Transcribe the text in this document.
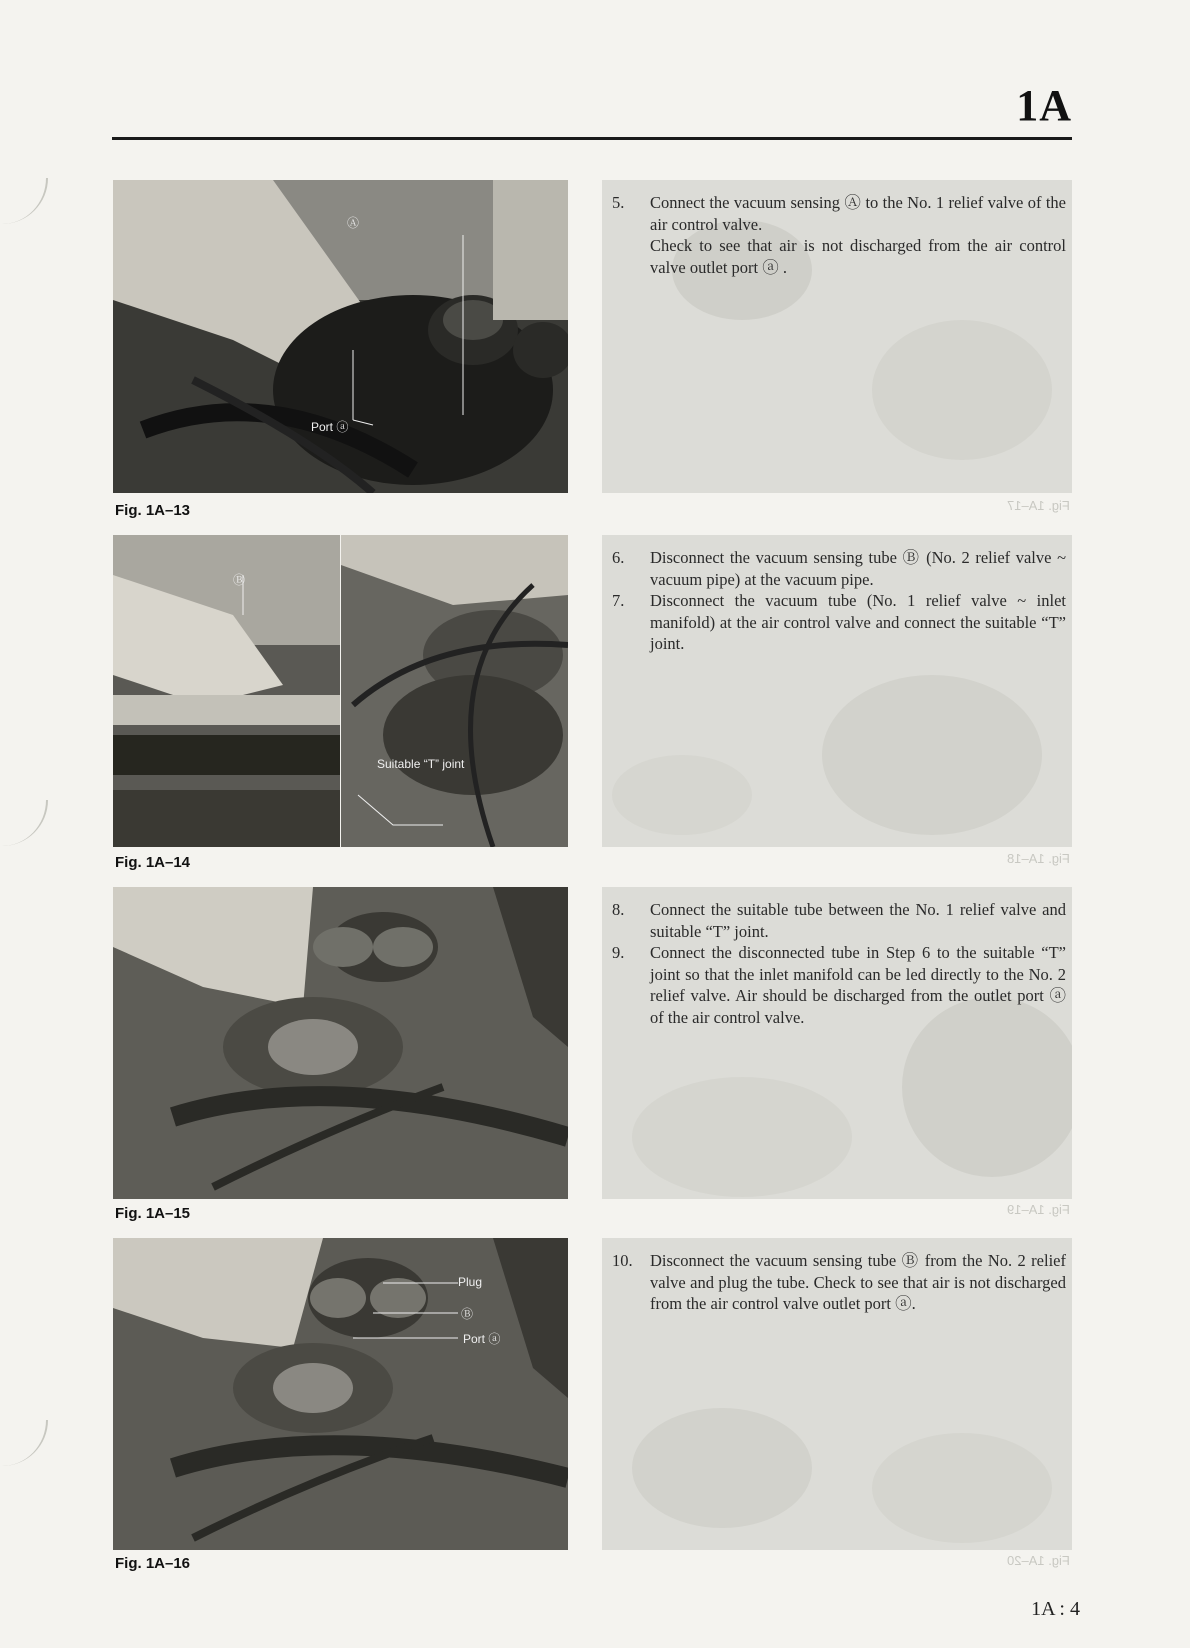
1A
Ⓐ
Port ⓐ
Fig. 1A–13
5.	Connect the vacuum sensing Ⓐ to the No. 1 relief valve of the air control valve.
Check to see that air is not discharged from the air control valve outlet port ⓐ .
Fig. 1A–17
Ⓑ
Suitable “T” joint
Fig. 1A–14
6.	Disconnect the vacuum sensing tube Ⓑ (No. 2 relief valve ~ vacuum pipe) at the vacuum pipe.
7.	Disconnect the vacuum tube (No. 1 relief valve ~ inlet manifold) at the air control valve and connect the suitable “T” joint.
Fig. 1A–18
Fig. 1A–15
8.	Connect the suitable tube between the No. 1 relief valve and suitable “T” joint.
9.	Connect the disconnected tube in Step 6 to the suitable “T” joint so that the inlet manifold can be led directly to the No. 2 relief valve. Air should be discharged from the outlet port ⓐ of the air control valve.
Fig. 1A–19
Plug
Ⓑ
Port ⓐ
Fig. 1A–16
10.	Disconnect the vacuum sensing tube Ⓑ from the No. 2 relief valve and plug the tube. Check to see that air is not discharged from the air control valve outlet port ⓐ.
Fig. 1A–20
1A : 4
